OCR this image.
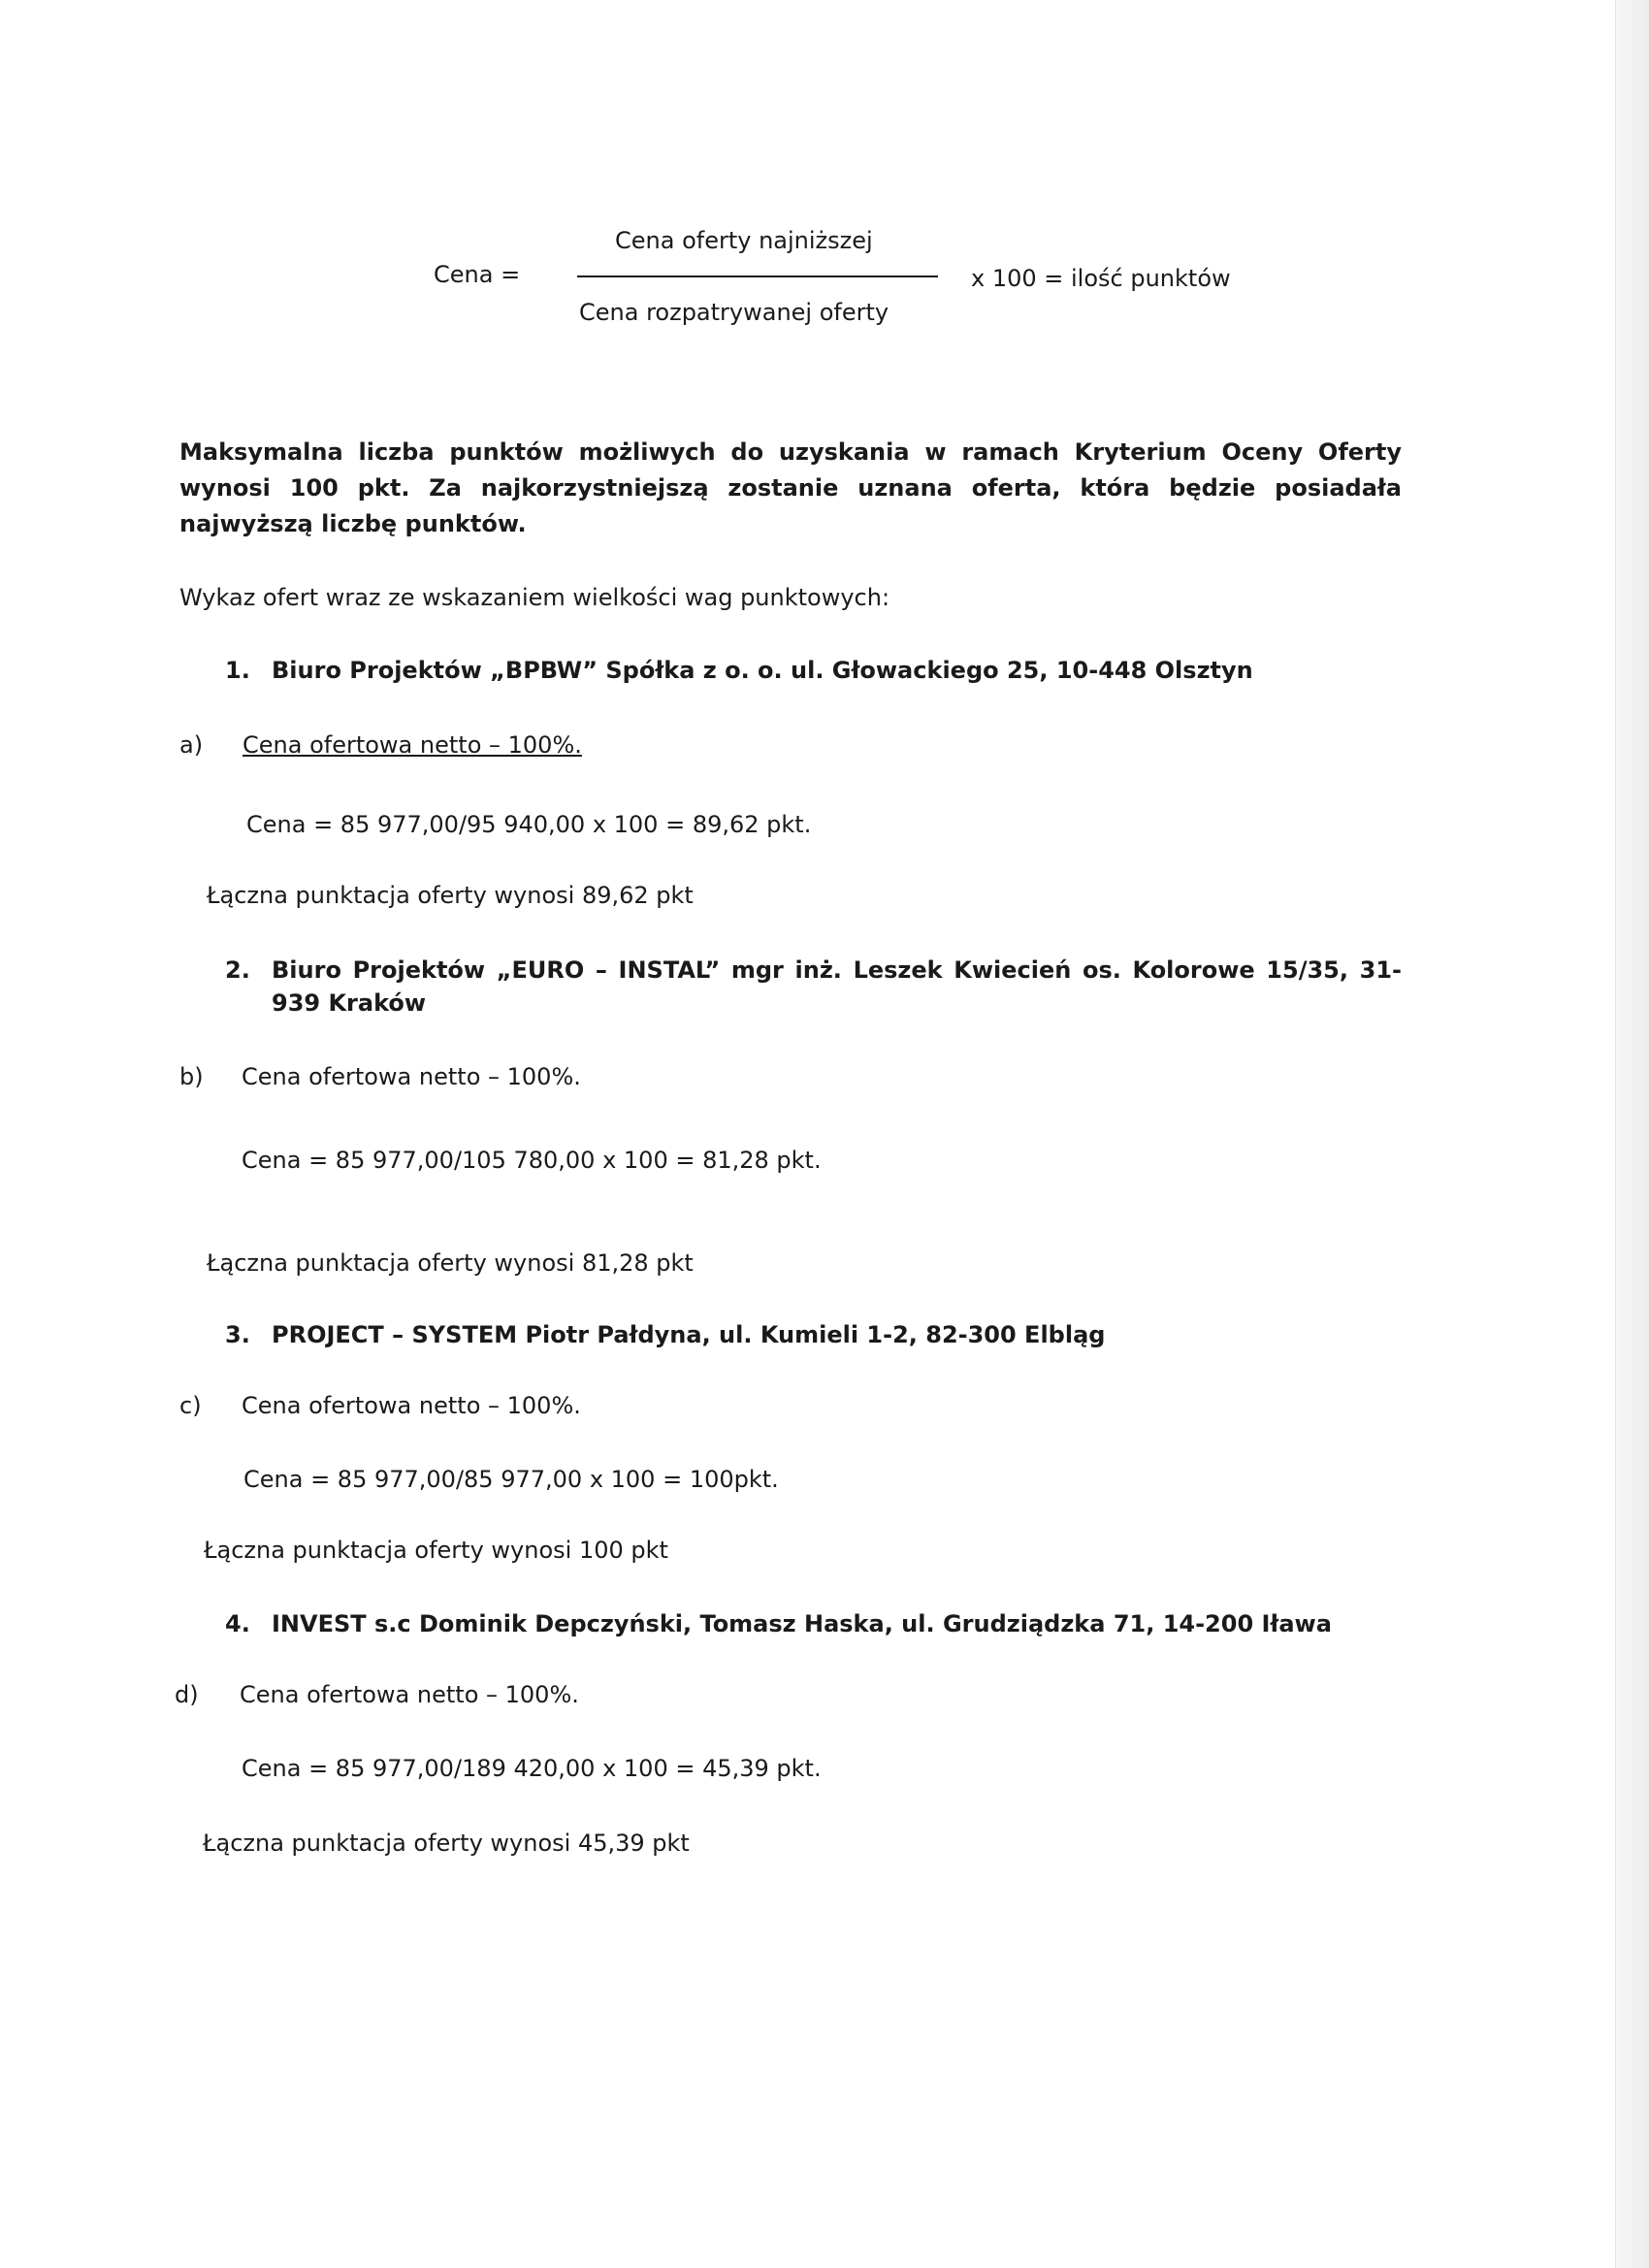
Cena =
Cena oferty najniższej
Cena rozpatrywanej oferty
x 100 = ilość punktów
Maksymalna liczba punktów możliwych do uzyskania w ramach Kryterium Oceny Oferty wynosi 100 pkt. Za najkorzystniejszą zostanie uznana oferta, która będzie posiadała najwyższą liczbę punktów.
Wykaz ofert wraz ze wskazaniem wielkości wag punktowych:
1. Biuro Projektów „BPBW” Spółka z o. o. ul. Głowackiego 25, 10-448 Olsztyn
a) Cena ofertowa netto – 100%.
Cena = 85 977,00/95 940,00 x 100 = 89,62 pkt.
Łączna punktacja oferty wynosi 89,62 pkt
2. Biuro Projektów „EURO – INSTAL” mgr inż. Leszek Kwiecień os. Kolorowe 15/35, 31-939 Kraków
b) Cena ofertowa netto – 100%.
Cena = 85 977,00/105 780,00 x 100 = 81,28 pkt.
Łączna punktacja oferty wynosi 81,28 pkt
3. PROJECT – SYSTEM Piotr Pałdyna, ul. Kumieli 1-2, 82-300 Elbląg
c) Cena ofertowa netto – 100%.
Cena = 85 977,00/85 977,00 x 100 = 100pkt.
Łączna punktacja oferty wynosi 100 pkt
4. INVEST s.c Dominik Depczyński, Tomasz Haska, ul. Grudziądzka 71, 14-200 Iława
d) Cena ofertowa netto – 100%.
Cena = 85 977,00/189 420,00 x 100 = 45,39 pkt.
Łączna punktacja oferty wynosi 45,39 pkt
